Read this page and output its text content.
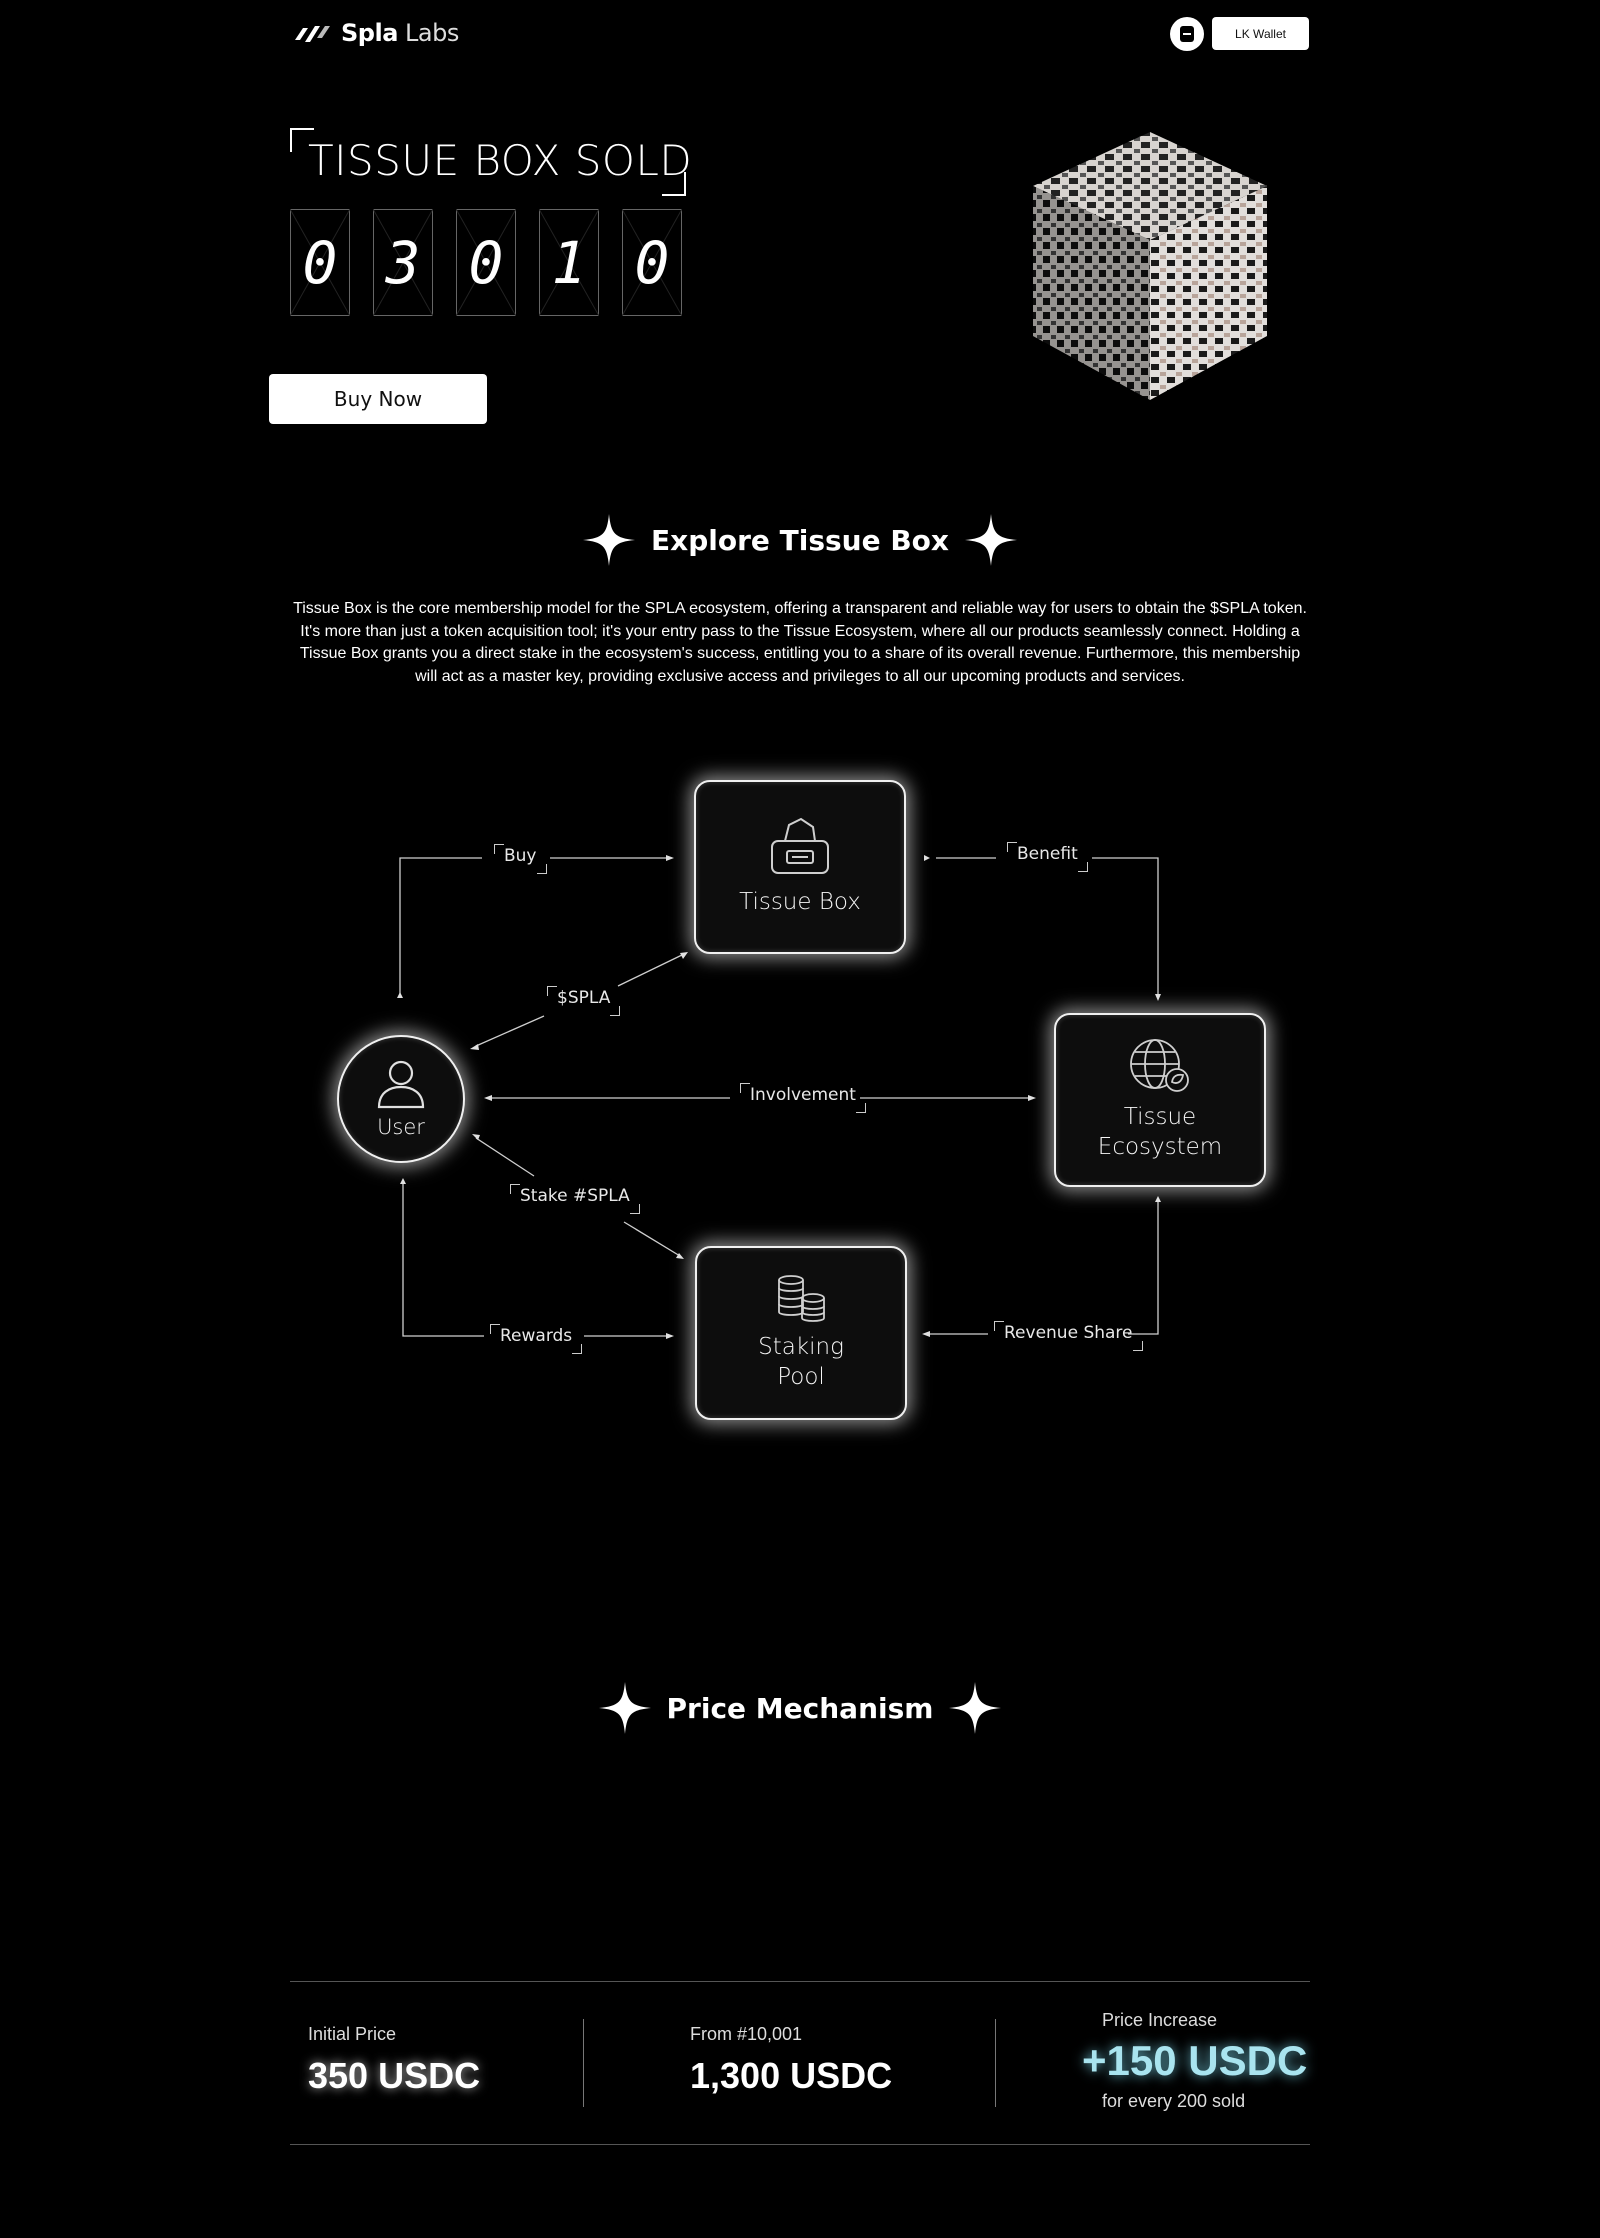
Spla Labs	LK Wallet
TISSUE BOX SOLD
0 3 0 1 0
Buy Now
Explore Tissue Box
Tissue Box is the core membership model for the SPLA ecosystem, offering a transparent and reliable way for users to obtain the $SPLA token. It's more than just a token acquisition tool; it's your entry pass to the Tissue Ecosystem, where all our products seamlessly connect. Holding a Tissue Box grants you a direct stake in the ecosystem's success, entitling you to a share of its overall revenue. Furthermore, this membership will act as a master key, providing exclusive access and privileges to all our upcoming products and services.
Tissue Box
User	Tissue
Ecosystem
Staking
Pool
Buy	Benefit
$SPLA
Involvement
Stake #SPLA
Rewards	Revenue Share
Price Mechanism
Initial Price
350 USDC
From #10,001
1,300 USDC
Price Increase
+150 USDC
for every 200 sold
